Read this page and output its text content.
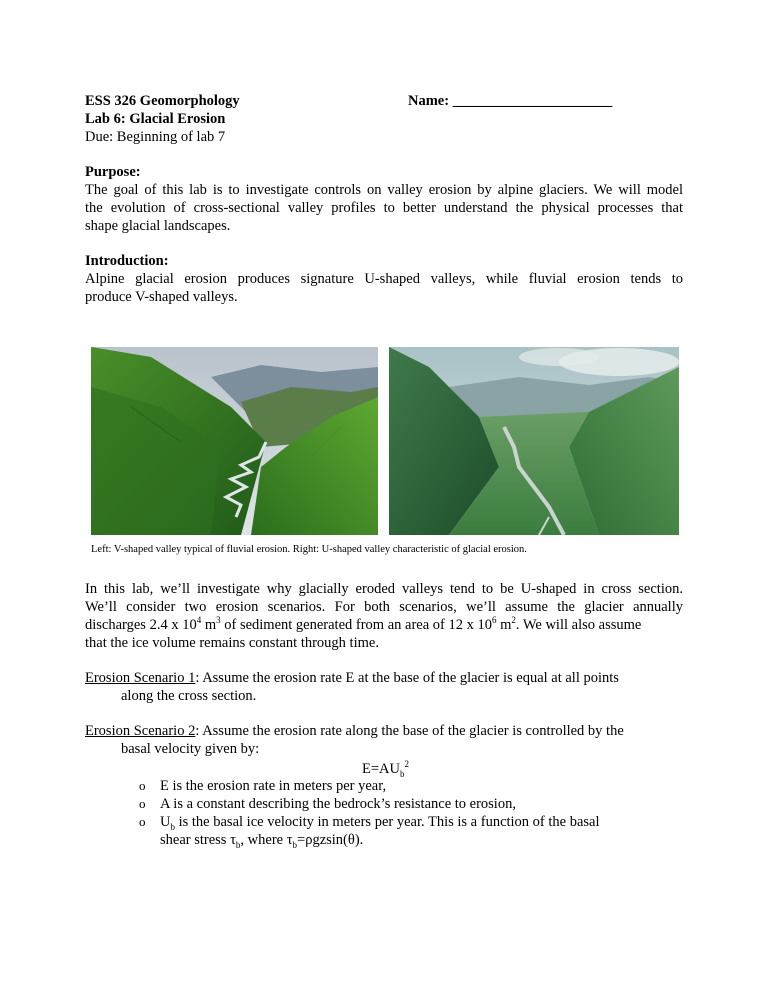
ESS 326 Geomorphology
Lab 6: Glacial Erosion
Due: Beginning of lab 7
Name: ______________________
Purpose:
The goal of this lab is to investigate controls on valley erosion by alpine glaciers. We will model
the evolution of cross-sectional valley profiles to better understand the physical processes that
shape glacial landscapes.
Introduction:
Alpine glacial erosion produces signature U-shaped valleys, while fluvial erosion tends to
produce V-shaped valleys.
Left: V-shaped valley typical of fluvial erosion. Right: U-shaped valley characteristic of glacial erosion.
In this lab, we’ll investigate why glacially eroded valleys tend to be U-shaped in cross section.
We’ll consider two erosion scenarios. For both scenarios, we’ll assume the glacier annually
discharges 2.4 x $10^4$ $m^3$ of sediment generated from an area of 12 x $10^6$ $m^2$. We will also assume
that the ice volume remains constant through time.
Erosion Scenario 1: Assume the erosion rate E at the base of the glacier is equal at all points
along the cross section.
Erosion Scenario 2: Assume the erosion rate along the base of the glacier is controlled by the
basal velocity given by:
$E=AU_b^2$
o E is the erosion rate in meters per year,
o A is a constant describing the bedrock’s resistance to erosion,
o $U_b$ is the basal ice velocity in meters per year. This is a function of the basal
shear stress $\tau_b$, where $\tau_b=\rho gzsin(\theta)$.
